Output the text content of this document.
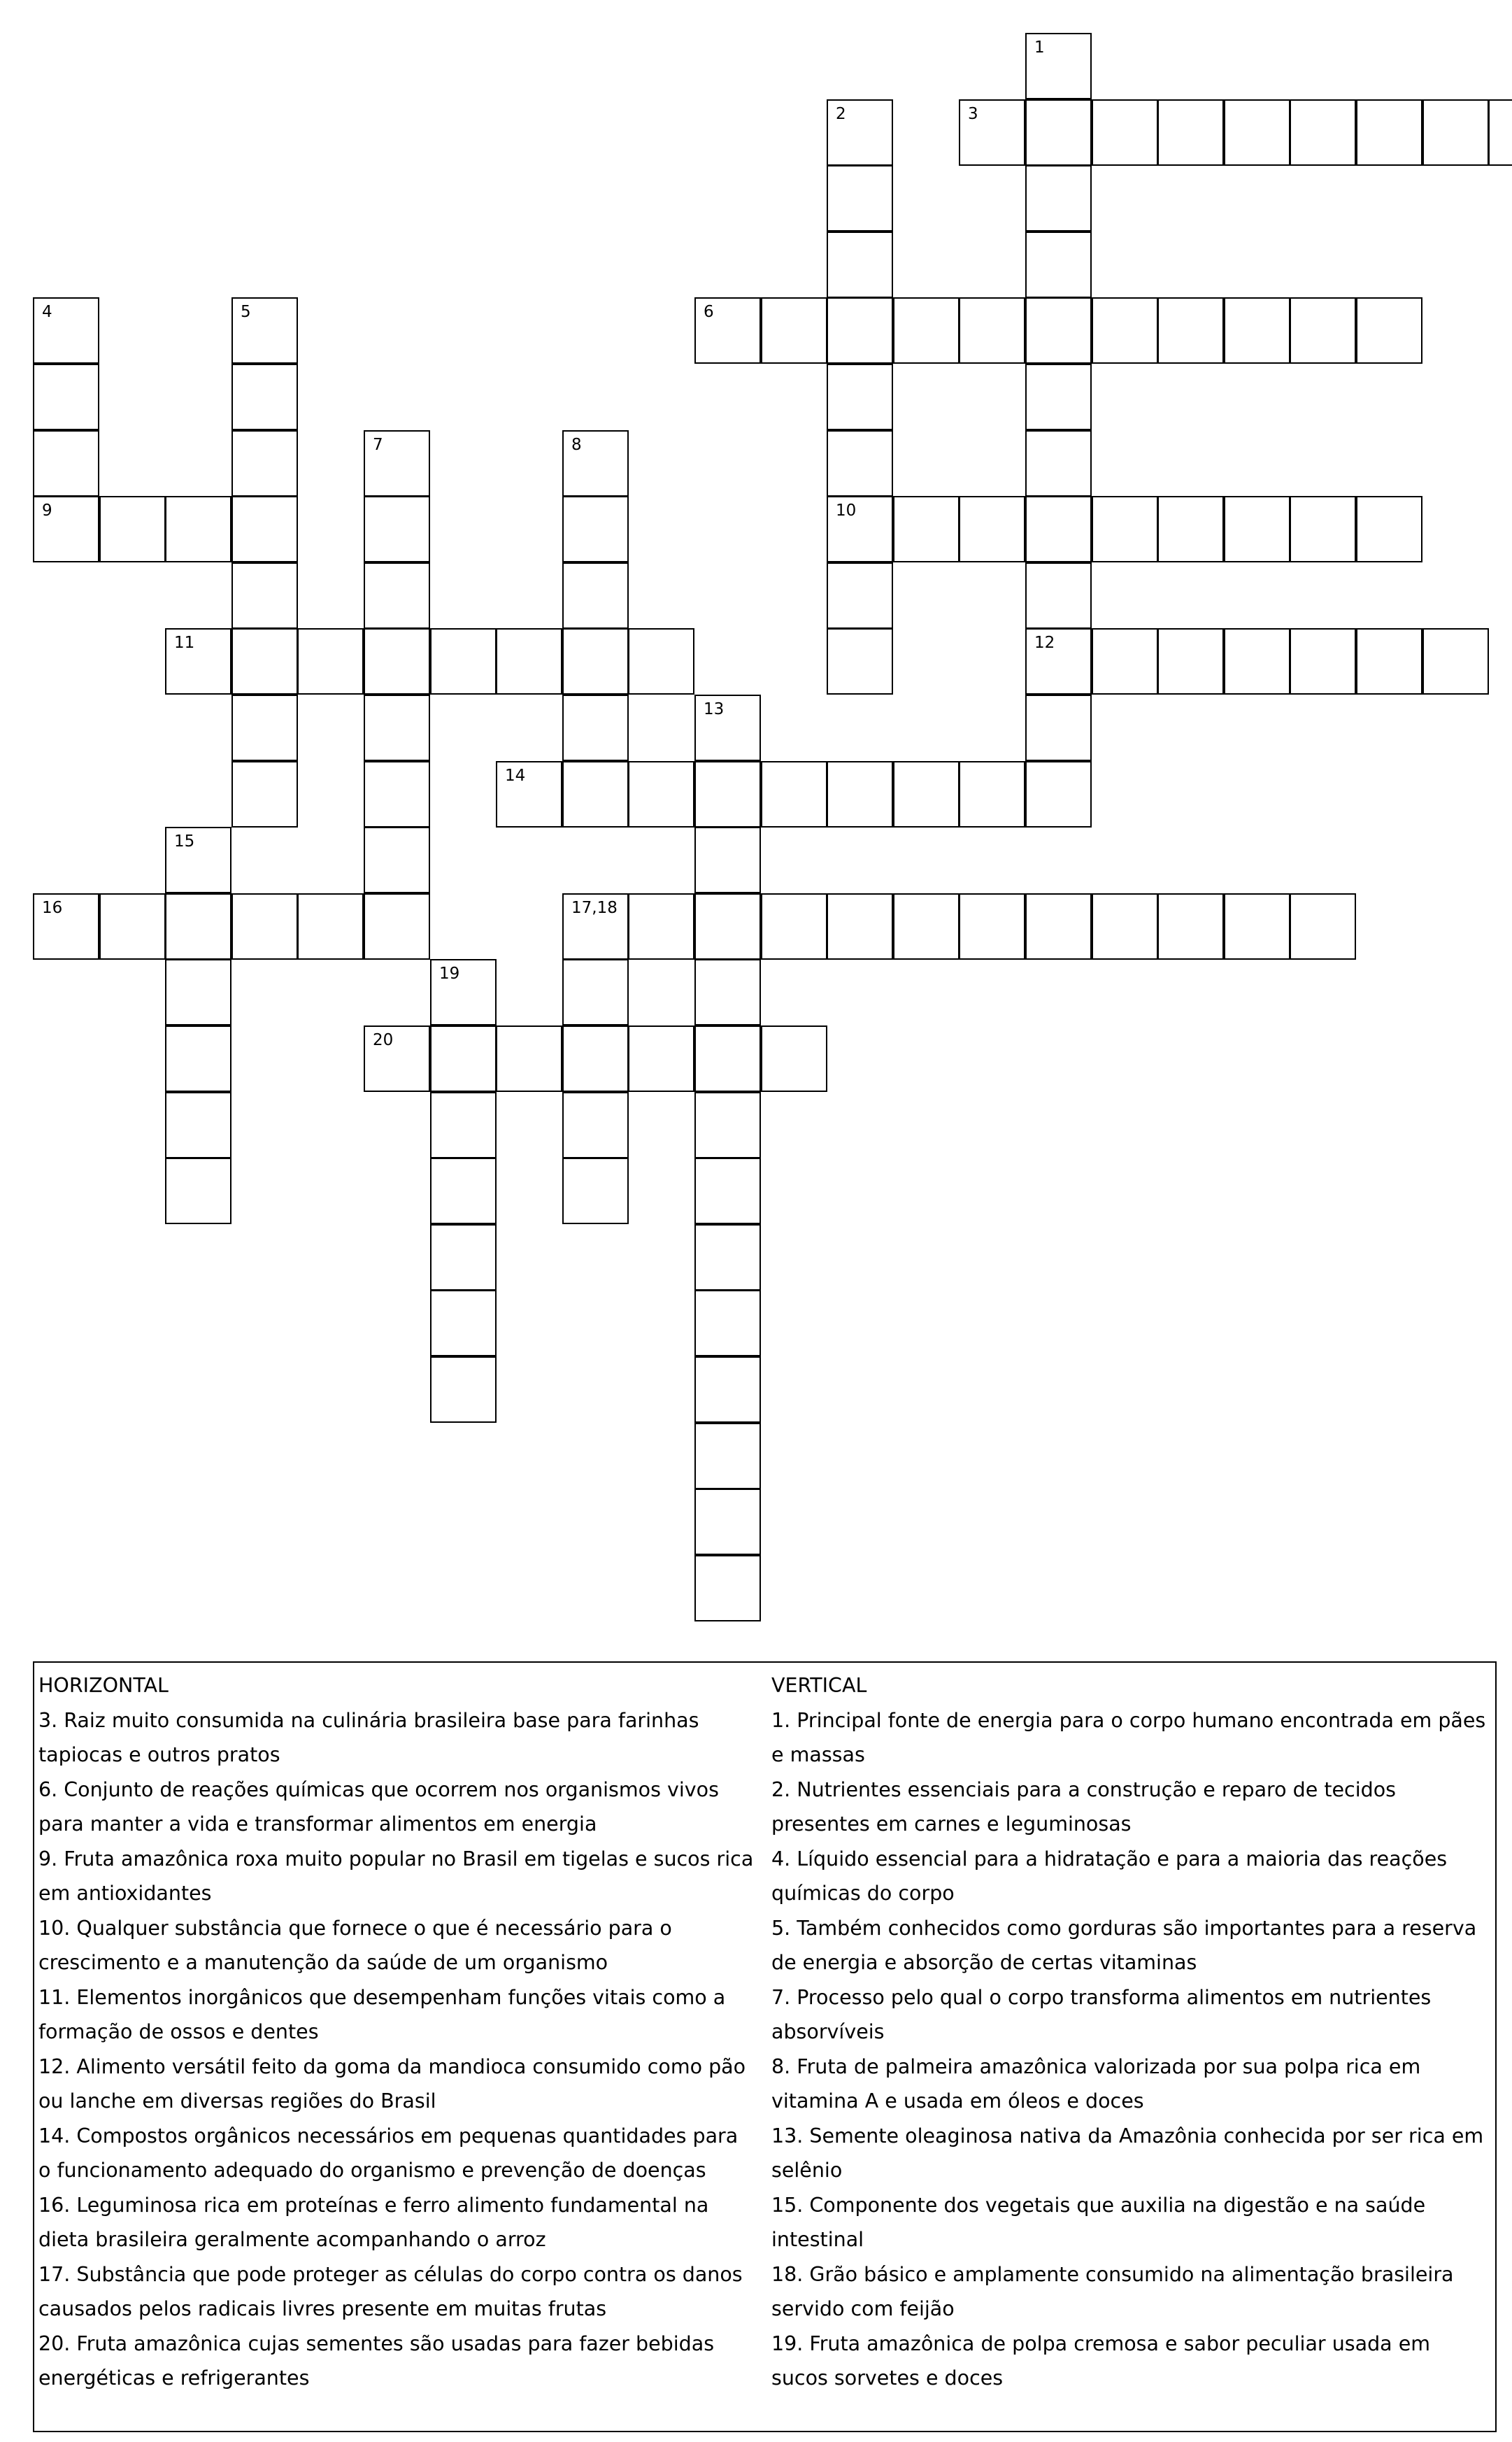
1
12
2
10
3
4
9
5	6
7	8
11
13
14
15
16	17,18
19
20

HORIZONTAL

3. Raiz muito consumida na culinária brasileira base para farinhas tapiocas e outros pratos

6. Conjunto de reações químicas que ocorrem nos organismos vivos para manter a vida e transformar alimentos em energia

9. Fruta amazônica roxa muito popular no Brasil em tigelas e sucos rica em antioxidantes

10. Qualquer substância que fornece o que é necessário para o crescimento e a manutenção da saúde de um organismo

11. Elementos inorgânicos que desempenham funções vitais como a formação de ossos e dentes

12. Alimento versátil feito da goma da mandioca consumido como pão ou lanche em diversas regiões do Brasil

14. Compostos orgânicos necessários em pequenas quantidades para o funcionamento adequado do organismo e prevenção de doenças

16. Leguminosa rica em proteínas e ferro alimento fundamental na dieta brasileira geralmente acompanhando o arroz

17. Substância que pode proteger as células do corpo contra os danos causados pelos radicais livres presente em muitas frutas

20. Fruta amazônica cujas sementes são usadas para fazer bebidas energéticas e refrigerantes

VERTICAL

1. Principal fonte de energia para o corpo humano encontrada em pães e massas

2. Nutrientes essenciais para a construção e reparo de tecidos presentes em carnes e leguminosas

4. Líquido essencial para a hidratação e para a maioria das reações químicas do corpo

5. Também conhecidos como gorduras são importantes para a reserva de energia e absorção de certas vitaminas

7. Processo pelo qual o corpo transforma alimentos em nutrientes absorvíveis

8. Fruta de palmeira amazônica valorizada por sua polpa rica em vitamina A e usada em óleos e doces

13. Semente oleaginosa nativa da Amazônia conhecida por ser rica em selênio

15. Componente dos vegetais que auxilia na digestão e na saúde intestinal

18. Grão básico e amplamente consumido na alimentação brasileira servido com feijão

19. Fruta amazônica de polpa cremosa e sabor peculiar usada em sucos sorvetes e doces
